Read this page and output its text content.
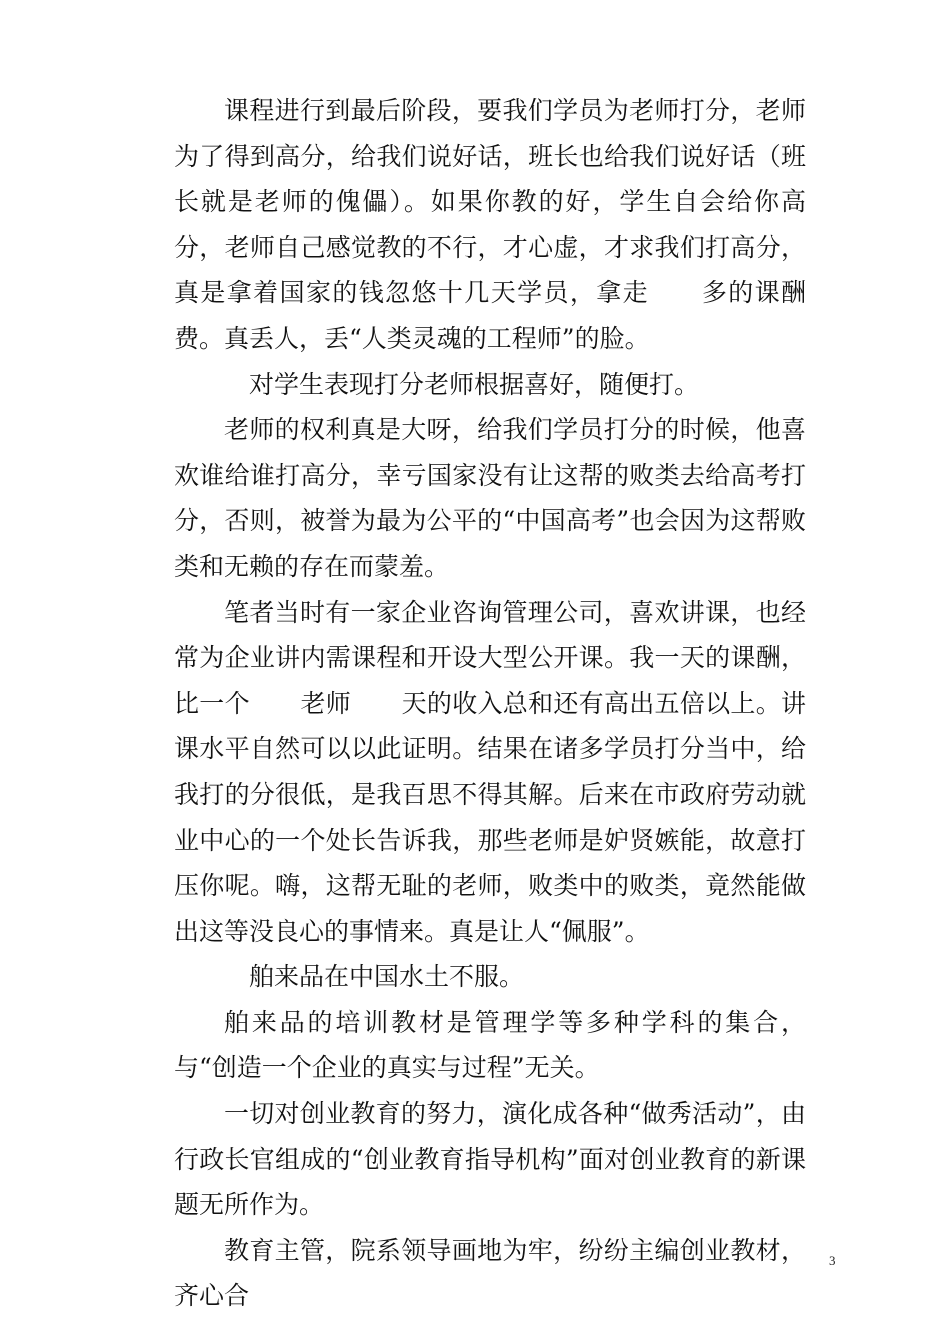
课程进行到最后阶段，要我们学员为老师打分，老师为了得到高分，给我们说好话，班长也给我们说好话（班长就是老师的傀儡）。如果你教的好，学生自会给你高分，老师自己感觉教的不行，才心虚，才求我们打高分，真是拿着国家的钱忽悠十几天学员，拿走　　多的课酬费。真丢人，丢“人类灵魂的工程师”的脸。

对学生表现打分老师根据喜好，随便打。

老师的权利真是大呀，给我们学员打分的时候，他喜欢谁给谁打高分，幸亏国家没有让这帮的败类去给高考打分，否则，被誉为最为公平的“中国高考”也会因为这帮败类和无赖的存在而蒙羞。

笔者当时有一家企业咨询管理公司，喜欢讲课，也经常为企业讲内需课程和开设大型公开课。我一天的课酬，比一个　　老师　　天的收入总和还有高出五倍以上。讲课水平自然可以以此证明。结果在诸多学员打分当中，给我打的分很低，是我百思不得其解。后来在市政府劳动就业中心的一个处长告诉我，那些老师是妒贤嫉能，故意打压你呢。嗨，这帮无耻的老师，败类中的败类，竟然能做出这等没良心的事情来。真是让人“佩服”。

舶来品在中国水土不服。

舶来品的培训教材是管理学等多种学科的集合，与“创造一个企业的真实与过程”无关。

一切对创业教育的努力，演化成各种“做秀活动”，由行政长官组成的“创业教育指导机构”面对创业教育的新课题无所作为。

教育主管，院系领导画地为牢，纷纷主编创业教材，齐心合

3
